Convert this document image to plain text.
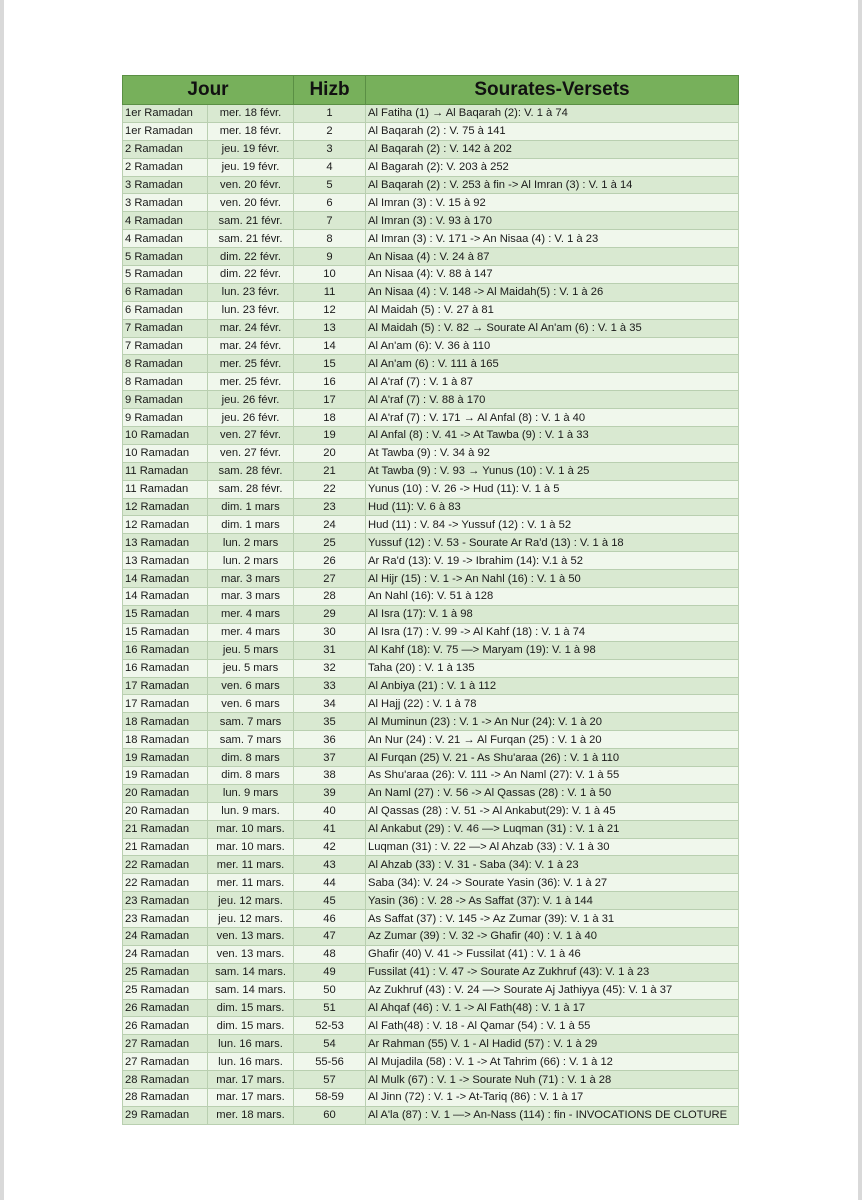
Jour		Hizb	Sourates-Versets
1er Ramadan	mer. 18 févr.	1	Al Fatiha (1) → Al Baqarah (2): V. 1 à 74
1er Ramadan	mer. 18 févr.	2	Al Baqarah (2) : V. 75 à 141
2 Ramadan	jeu. 19 févr.	3	Al Baqarah (2) : V. 142 à 202
2 Ramadan	jeu. 19 févr.	4	Al Bagarah (2): V. 203 à 252
3 Ramadan	ven. 20 févr.	5	Al Baqarah (2) : V. 253 à fin -> Al Imran (3) : V. 1 à 14
3 Ramadan	ven. 20 févr.	6	Al Imran (3) : V. 15 à 92
4 Ramadan	sam. 21 févr.	7	Al Imran (3) : V. 93 à 170
4 Ramadan	sam. 21 févr.	8	Al Imran (3) : V. 171 -> An Nisaa (4) : V. 1 à 23
5 Ramadan	dim. 22 févr.	9	An Nisaa (4) : V. 24 à 87
5 Ramadan	dim. 22 févr.	10	An Nisaa (4): V. 88 à 147
6 Ramadan	lun. 23 févr.	11	An Nisaa (4) : V. 148 -> Al Maidah(5) : V. 1 à 26
6 Ramadan	lun. 23 févr.	12	Al Maidah (5) : V. 27 à 81
7 Ramadan	mar. 24 févr.	13	Al Maidah (5) : V. 82 → Sourate Al An'am (6) : V. 1 à 35
7 Ramadan	mar. 24 févr.	14	Al An'am (6): V. 36 à 110
8 Ramadan	mer. 25 févr.	15	Al An'am (6) : V. 111 à 165
8 Ramadan	mer. 25 févr.	16	Al A'raf (7) : V. 1 à 87
9 Ramadan	jeu. 26 févr.	17	Al A'raf (7) : V. 88 à 170
9 Ramadan	jeu. 26 févr.	18	Al A'raf (7) : V. 171 → Al Anfal (8) : V. 1 à 40
10 Ramadan	ven. 27 févr.	19	Al Anfal (8) : V. 41 -> At Tawba (9) : V. 1 à 33
10 Ramadan	ven. 27 févr.	20	At Tawba (9) : V. 34 à 92
11 Ramadan	sam. 28 févr.	21	At Tawba (9) : V. 93 → Yunus (10) : V. 1 à 25
11 Ramadan	sam. 28 févr.	22	Yunus (10) : V. 26 -> Hud (11): V. 1 à 5
12 Ramadan	dim. 1 mars	23	Hud (11): V. 6 à 83
12 Ramadan	dim. 1 mars	24	Hud (11) : V. 84 -> Yussuf (12) : V. 1 à 52
13 Ramadan	lun. 2 mars	25	Yussuf (12) : V. 53 - Sourate Ar Ra'd (13) : V. 1 à 18
13 Ramadan	lun. 2 mars	26	Ar Ra'd (13): V. 19 -> Ibrahim (14): V.1 à 52
14 Ramadan	mar. 3 mars	27	Al Hijr (15) : V. 1 -> An Nahl (16) : V. 1 à 50
14 Ramadan	mar. 3 mars	28	An Nahl (16): V. 51 à 128
15 Ramadan	mer. 4 mars	29	Al Isra (17): V. 1 à 98
15 Ramadan	mer. 4 mars	30	Al Isra (17) : V. 99 -> Al Kahf (18) : V. 1 à 74
16 Ramadan	jeu. 5 mars	31	Al Kahf (18): V. 75 —> Maryam (19): V. 1 à 98
16 Ramadan	jeu. 5 mars	32	Taha (20) : V. 1 à 135
17 Ramadan	ven. 6 mars	33	Al Anbiya (21) : V. 1 à 112
17 Ramadan	ven. 6 mars	34	Al Hajj (22) : V. 1 à 78
18 Ramadan	sam. 7 mars	35	Al Muminun (23) : V. 1 -> An Nur (24): V. 1 à 20
18 Ramadan	sam. 7 mars	36	An Nur (24) : V. 21 → Al Furqan (25) : V. 1 à 20
19 Ramadan	dim. 8 mars	37	Al Furqan (25) V. 21 - As Shu'araa (26) : V. 1 à 110
19 Ramadan	dim. 8 mars	38	As Shu'araa (26): V. 111 -> An Naml (27): V. 1 à 55
20 Ramadan	lun. 9 mars	39	An Naml (27) : V. 56 -> Al Qassas (28) : V. 1 à 50
20 Ramadan	lun. 9 mars.	40	Al Qassas (28) : V. 51 -> Al Ankabut(29): V. 1 à 45
21 Ramadan	mar. 10 mars.	41	Al Ankabut (29) : V. 46 —> Luqman (31) : V. 1 à 21
21 Ramadan	mar. 10 mars.	42	Luqman (31) : V. 22 —> Al Ahzab (33) : V. 1 à 30
22 Ramadan	mer. 11 mars.	43	Al Ahzab (33) : V. 31 - Saba (34): V. 1 à 23
22 Ramadan	mer. 11 mars.	44	Saba (34): V. 24 -> Sourate Yasin (36): V. 1 à 27
23 Ramadan	jeu. 12 mars.	45	Yasin (36) : V. 28 -> As Saffat (37): V. 1 à 144
23 Ramadan	jeu. 12 mars.	46	As Saffat (37) : V. 145 -> Az Zumar (39): V. 1 à 31
24 Ramadan	ven. 13 mars.	47	Az Zumar (39) : V. 32 -> Ghafir (40) : V. 1 à 40
24 Ramadan	ven. 13 mars.	48	Ghafir (40) V. 41 -> Fussilat (41) : V. 1 à 46
25 Ramadan	sam. 14 mars.	49	Fussilat (41) : V. 47 -> Sourate Az Zukhruf (43): V. 1 à 23
25 Ramadan	sam. 14 mars.	50	Az Zukhruf (43) : V. 24 —> Sourate Aj Jathiyya (45): V. 1 à 37
26 Ramadan	dim. 15 mars.	51	Al Ahqaf (46) : V. 1 -> Al Fath(48) : V. 1 à 17
26 Ramadan	dim. 15 mars.	52-53	Al Fath(48) : V. 18 - Al Qamar (54) : V. 1 à 55
27 Ramadan	lun. 16 mars.	54	Ar Rahman (55) V. 1 - Al Hadid (57) : V. 1 à 29
27 Ramadan	lun. 16 mars.	55-56	Al Mujadila (58) : V. 1 -> At Tahrim (66) : V. 1 à 12
28 Ramadan	mar. 17 mars.	57	Al Mulk (67) : V. 1 -> Sourate Nuh (71) : V. 1 à 28
28 Ramadan	mar. 17 mars.	58-59	Al Jinn (72) : V. 1 -> At-Tariq (86) : V. 1 à 17
29 Ramadan	mer. 18 mars.	60	Al A'la (87) : V. 1 —> An-Nass (114) : fin - INVOCATIONS DE CLOTURE
